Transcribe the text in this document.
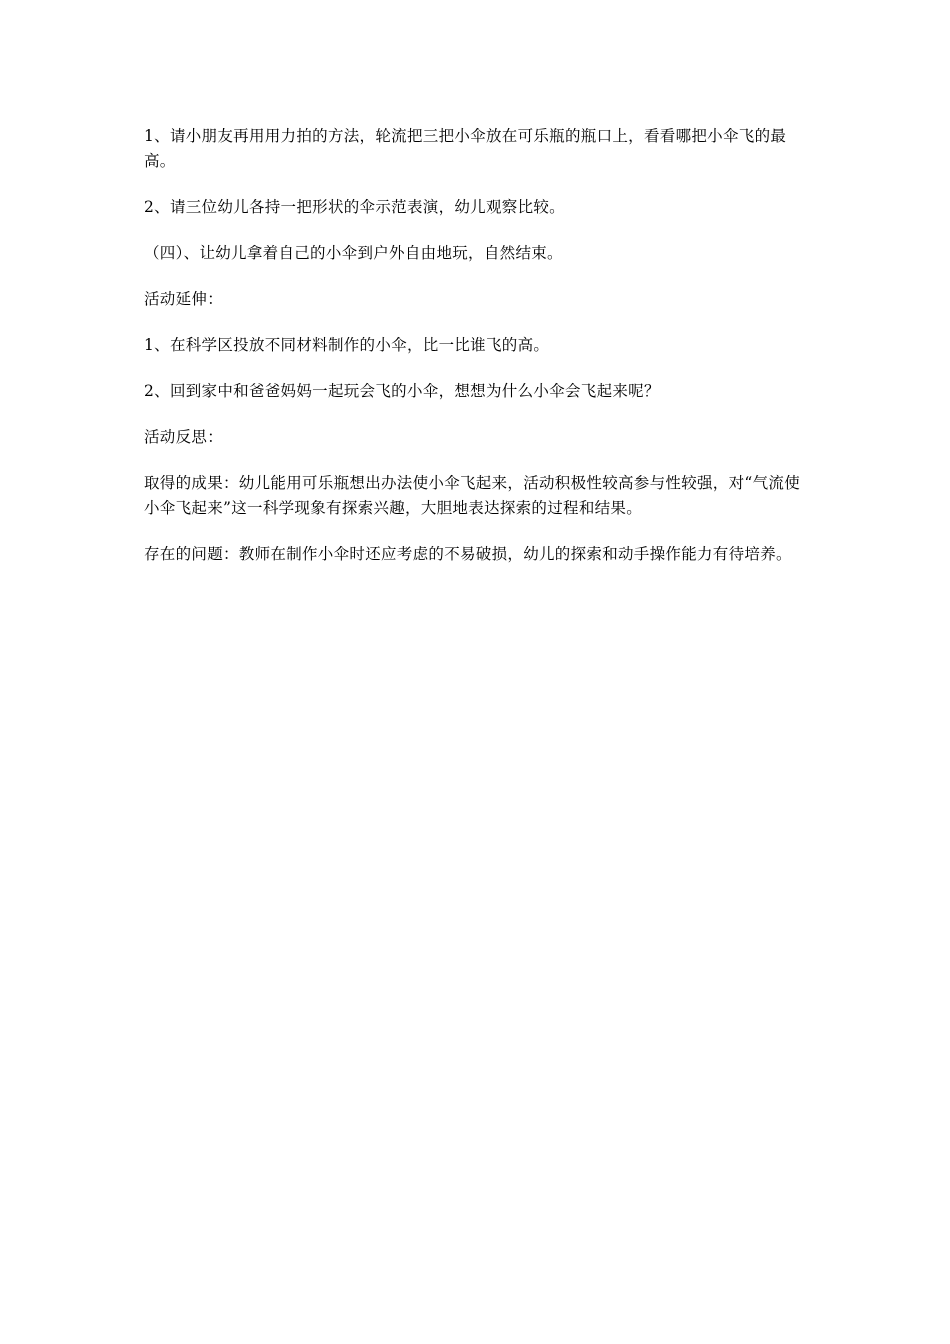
1、请小朋友再用用力拍的方法，轮流把三把小伞放在可乐瓶的瓶口上，看看哪把小伞飞的最高。

2、请三位幼儿各持一把形状的伞示范表演，幼儿观察比较。

（四）、让幼儿拿着自己的小伞到户外自由地玩，自然结束。

活动延伸：

1、在科学区投放不同材料制作的小伞，比一比谁飞的高。

2、回到家中和爸爸妈妈一起玩会飞的小伞，想想为什么小伞会飞起来呢？

活动反思：

取得的成果：幼儿能用可乐瓶想出办法使小伞飞起来，活动积极性较高参与性较强，对“气流使小伞飞起来”这一科学现象有探索兴趣，大胆地表达探索的过程和结果。

存在的问题：教师在制作小伞时还应考虑的不易破损，幼儿的探索和动手操作能力有待培养。
